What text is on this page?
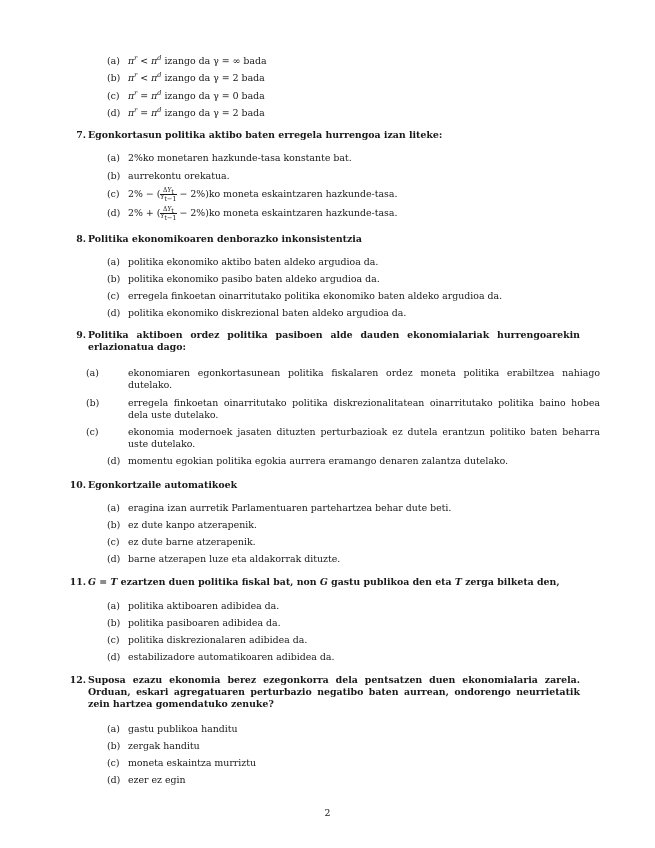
(a) $\pi^r < \pi^d$ izango da γ = ∞ bada
(b) $\pi^r < \pi^d$ izango da γ = 2 bada
(c) $\pi^r = \pi^d$ izango da γ = 0 bada
(d) $\pi^r = \pi^d$ izango da γ = 2 bada
7. Egonkortasun politika aktibo baten erregela hurrengoa izan liteke:
(a) 2%ko monetaren hazkunde-tasa konstante bat.
(b) aurrekontu orekatua.
(c) 2% − ( $\frac{\Delta Y_t}{Y_{t-1}} - 2\%)ko$ moneta eskaintzaren hazkunde-tasa.
(d) 2% + ( $\frac{\Delta Y_t}{Y_{t-1}} - 2\%)ko$ moneta eskaintzaren hazkunde-tasa.
8. Politika ekonomikoaren denborazko inkonsistentzia
(a) politika ekonomiko aktibo baten aldeko argudioa da.
(b) politika ekonomiko pasibo baten aldeko argudioa da.
(c) erregela finkoetan oinarritutako politika ekonomiko baten aldeko argudioa da.
(d) politika ekonomiko diskrezional baten aldeko argudioa da.
9. Politika aktiboen ordez politika pasiboen alde dauden ekonomialariak hurrengoarekin erlazionatua dago:
(a)	ekonomiaren egonkortasunean politika fiskalaren ordez moneta politika erabiltzea nahiago dutelako.
(b)	erregela finkoetan oinarritutako politika diskrezionalitatean oinarritutako politika baino hobea dela uste dutelako.
(c)	ekonomia modernoek jasaten dituzten perturbazioak ez dutela erantzun politiko baten beharra uste dutelako.
(d) momentu egokian politika egokia aurrera eramango denaren zalantza dutelako.
10. Egonkortzaile automatikoek
(a) eragina izan aurretik Parlamentuaren partehartzea behar dute beti.
(b) ez dute kanpo atzerapenik.
(c) ez dute barne atzerapenik.
(d) barne atzerapen luze eta aldakorrak dituzte.
11. G = T ezartzen duen politika fiskal bat, non G gastu publikoa den eta T zerga bilketa den,
(a) politika aktiboaren adibidea da.
(b) politika pasiboaren adibidea da.
(c) politika diskrezionalaren adibidea da.
(d) estabilizadore automatikoaren adibidea da.
12. Suposa ezazu ekonomia berez ezegonkorra dela pentsatzen duen ekonomialaria zarela. Orduan, eskari agregatuaren perturbazio negatibo baten aurrean, ondorengo neurrietatik zein hartzea gomendatuko zenuke?
(a) gastu publikoa handitu
(b) zergak handitu
(c) moneta eskaintza murriztu
(d) ezer ez egin
2
